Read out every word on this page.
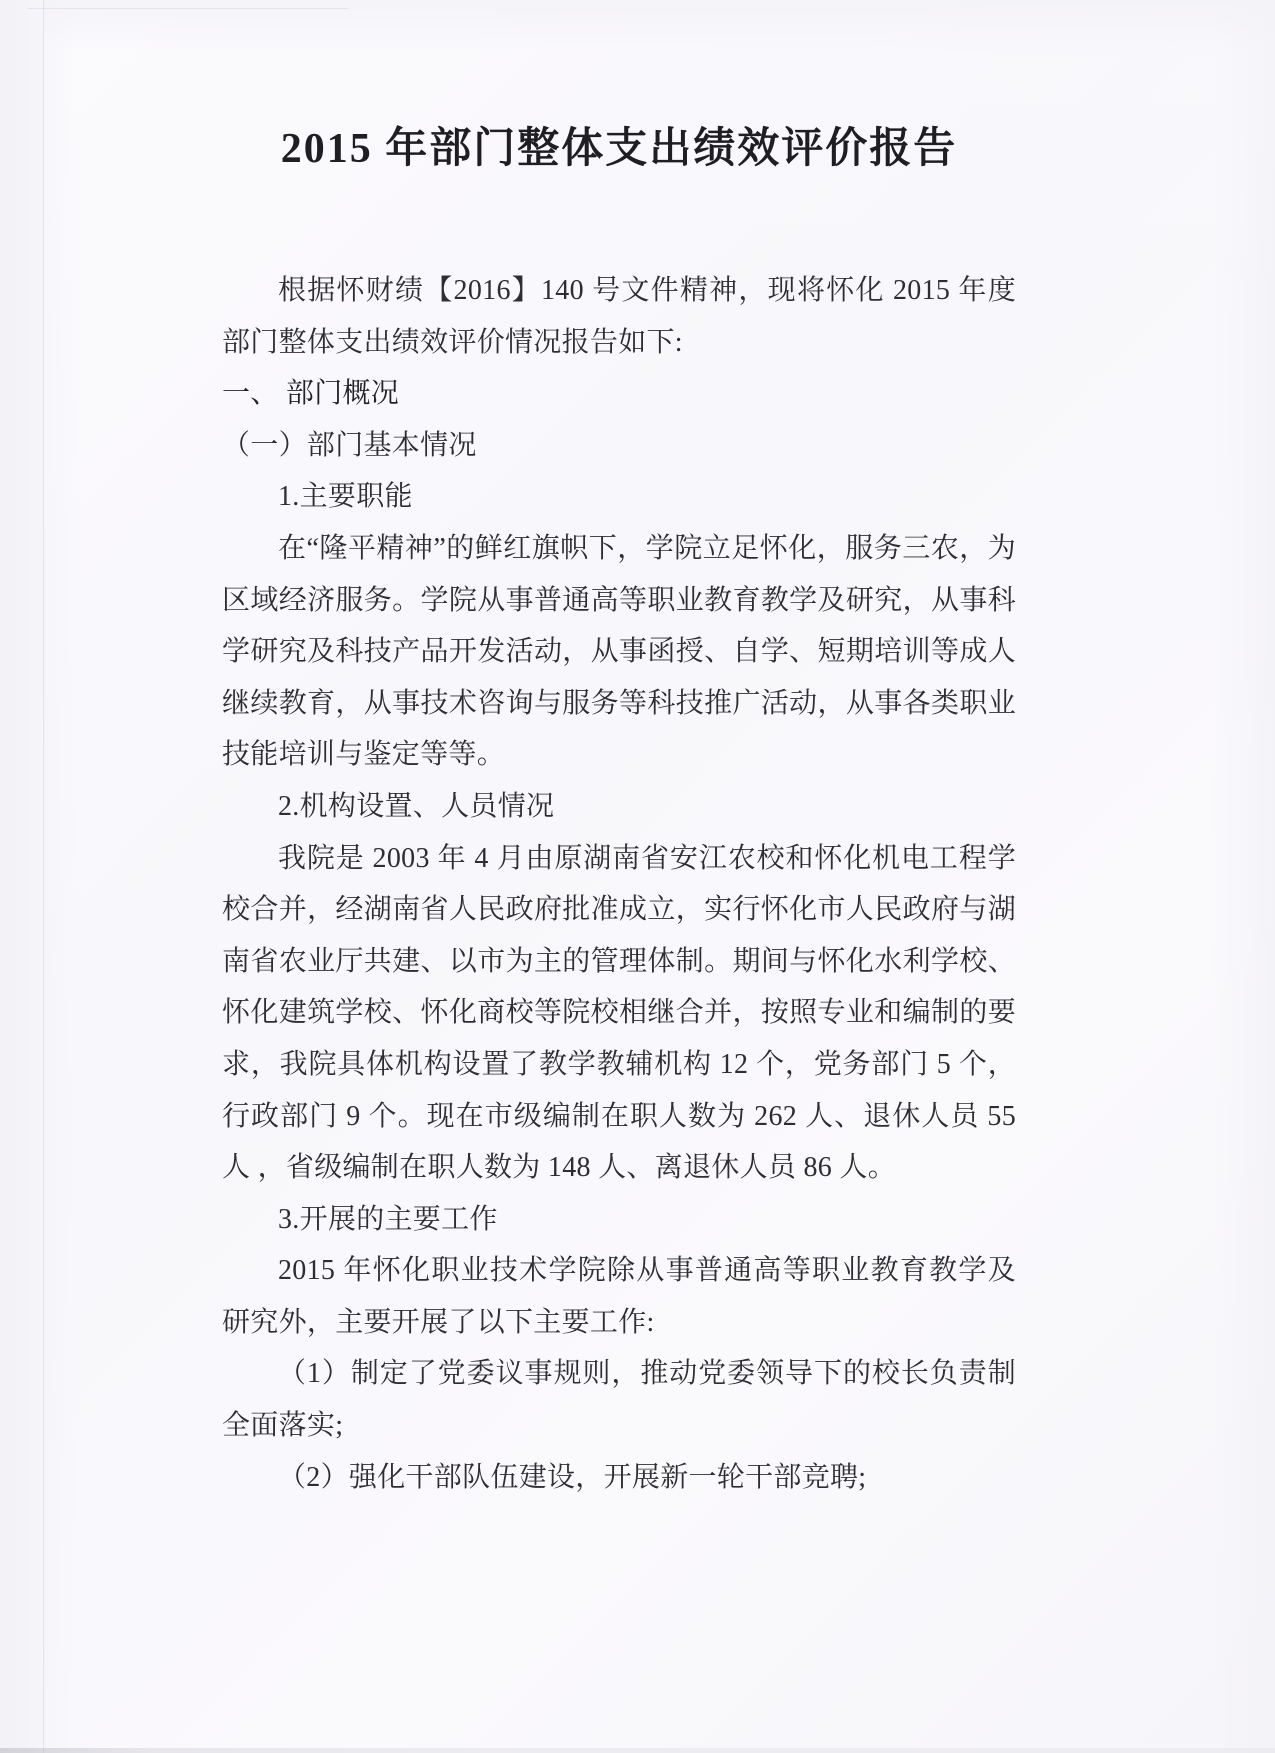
2015 年部门整体支出绩效评价报告

根据怀财绩【2016】140 号文件精神，现将怀化 2015 年度部门整体支出绩效评价情况报告如下:

一、 部门概况

（一）部门基本情况

1.主要职能

在“隆平精神”的鲜红旗帜下，学院立足怀化，服务三农，为区域经济服务。学院从事普通高等职业教育教学及研究，从事科学研究及科技产品开发活动，从事函授、自学、短期培训等成人继续教育，从事技术咨询与服务等科技推广活动，从事各类职业技能培训与鉴定等等。

2.机构设置、人员情况

我院是 2003 年 4 月由原湖南省安江农校和怀化机电工程学校合并，经湖南省人民政府批准成立，实行怀化市人民政府与湖南省农业厅共建、以市为主的管理体制。期间与怀化水利学校、怀化建筑学校、怀化商校等院校相继合并，按照专业和编制的要求，我院具体机构设置了教学教辅机构 12 个，党务部门 5 个，行政部门 9 个。现在市级编制在职人数为 262 人、退休人员 55 人 ，省级编制在职人数为 148 人、离退休人员 86 人。

3.开展的主要工作

2015 年怀化职业技术学院除从事普通高等职业教育教学及研究外，主要开展了以下主要工作:

（1）制定了党委议事规则，推动党委领导下的校长负责制全面落实;

（2）强化干部队伍建设，开展新一轮干部竞聘;
